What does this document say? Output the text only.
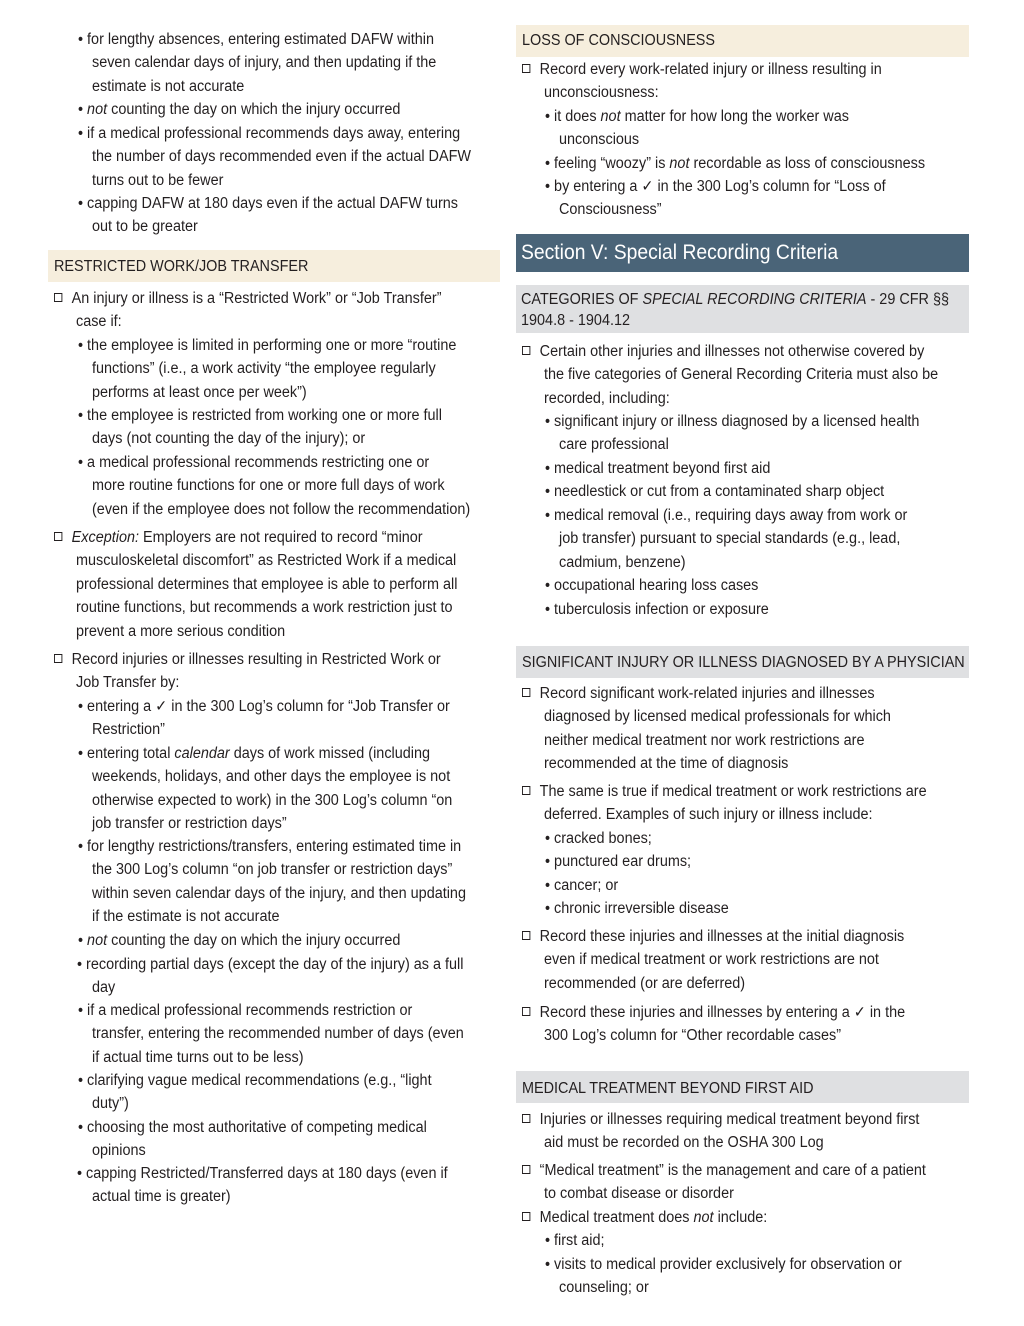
• for lengthy absences, entering estimated DAFW within
seven calendar days of injury, and then updating if the
estimate is not accurate
• not counting the day on which the injury occurred
• if a medical professional recommends days away, entering
the number of days recommended even if the actual DAFW
turns out to be fewer
• capping DAFW at 180 days even if the actual DAFW turns
out to be greater
RESTRICTED WORK/JOB TRANSFER
An injury or illness is a “Restricted Work” or “Job Transfer”
case if:
• the employee is limited in performing one or more “routine
functions” (i.e., a work activity “the employee regularly
performs at least once per week”)
• the employee is restricted from working one or more full
days (not counting the day of the injury); or
• a medical professional recommends restricting one or
more routine functions for one or more full days of work
(even if the employee does not follow the recommendation)
Exception: Employers are not required to record “minor
musculoskeletal discomfort” as Restricted Work if a medical
professional determines that employee is able to perform all
routine functions, but recommends a work restriction just to
prevent a more serious condition
Record injuries or illnesses resulting in Restricted Work or
Job Transfer by:
• entering a ✓ in the 300 Log’s column for “Job Transfer or
Restriction”
• entering total calendar days of work missed (including
weekends, holidays, and other days the employee is not
otherwise expected to work) in the 300 Log’s column “on
job transfer or restriction days”
• for lengthy restrictions/transfers, entering estimated time in
the 300 Log’s column “on job transfer or restriction days”
within seven calendar days of the injury, and then updating
if the estimate is not accurate
• not counting the day on which the injury occurred
• recording partial days (except the day of the injury) as a full
day
• if a medical professional recommends restriction or
transfer, entering the recommended number of days (even
if actual time turns out to be less)
• clarifying vague medical recommendations (e.g., “light
duty”)
• choosing the most authoritative of competing medical
opinions
• capping Restricted/Transferred days at 180 days (even if
actual time is greater)
LOSS OF CONSCIOUSNESS
Record every work-related injury or illness resulting in
unconsciousness:
• it does not matter for how long the worker was
unconscious
• feeling “woozy” is not recordable as loss of consciousness
• by entering a ✓ in the 300 Log’s column for “Loss of
Consciousness”
Section V: Special Recording Criteria
CATEGORIES OF SPECIAL RECORDING CRITERIA - 29 CFR §§
1904.8 - 1904.12
Certain other injuries and illnesses not otherwise covered by
the five categories of General Recording Criteria must also be
recorded, including:
• significant injury or illness diagnosed by a licensed health
care professional
• medical treatment beyond first aid
• needlestick or cut from a contaminated sharp object
• medical removal (i.e., requiring days away from work or
job transfer) pursuant to special standards (e.g., lead,
cadmium, benzene)
• occupational hearing loss cases
• tuberculosis infection or exposure
SIGNIFICANT INJURY OR ILLNESS DIAGNOSED BY A PHYSICIAN
Record significant work-related injuries and illnesses
diagnosed by licensed medical professionals for which
neither medical treatment nor work restrictions are
recommended at the time of diagnosis
The same is true if medical treatment or work restrictions are
deferred. Examples of such injury or illness include:
• cracked bones;
• punctured ear drums;
• cancer; or
• chronic irreversible disease
Record these injuries and illnesses at the initial diagnosis
even if medical treatment or work restrictions are not
recommended (or are deferred)
Record these injuries and illnesses by entering a ✓ in the
300 Log’s column for “Other recordable cases”
MEDICAL TREATMENT BEYOND FIRST AID
Injuries or illnesses requiring medical treatment beyond first
aid must be recorded on the OSHA 300 Log
“Medical treatment” is the management and care of a patient
to combat disease or disorder
Medical treatment does not include:
• first aid;
• visits to medical provider exclusively for observation or
counseling; or
